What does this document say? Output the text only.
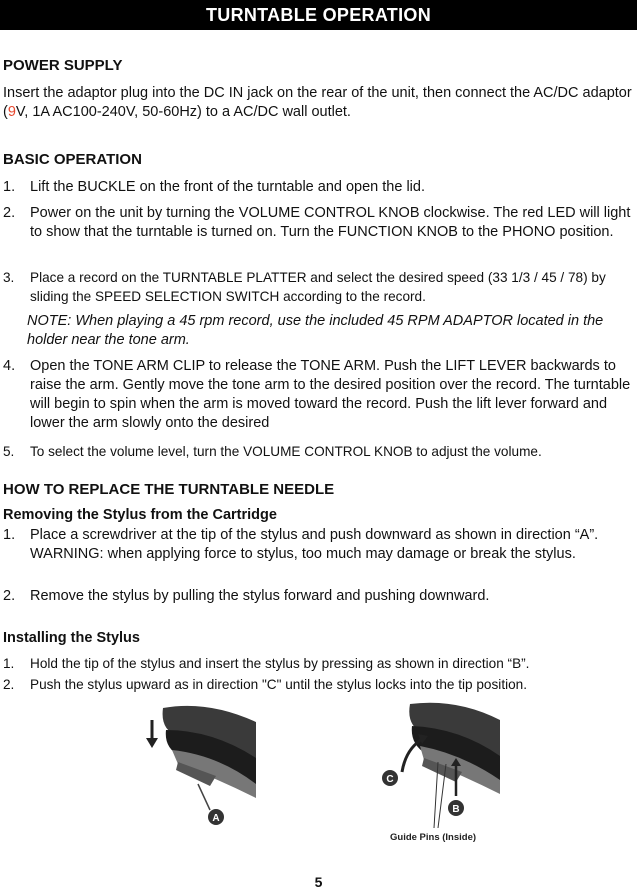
TURNTABLE OPERATION
POWER SUPPLY

Insert the adaptor plug into the DC IN jack on the rear of the unit, then connect the AC/DC adaptor (9V, 1A AC100-240V, 50-60Hz) to a AC/DC wall outlet.

BASIC OPERATION
1. Lift the BUCKLE on the front of the turntable and open the lid.
2. Power on the unit by turning the VOLUME CONTROL KNOB clockwise. The red LED will light to show that the turntable is turned on. Turn the FUNCTION KNOB to the PHONO position.
3. Place a record on the TURNTABLE PLATTER and select the desired speed (33 1/3 / 45 / 78) by sliding the SPEED SELECTION SWITCH according to the record.
NOTE: When playing a 45 rpm record, use the included 45 RPM ADAPTOR located in the holder near the tone arm.
4. Open the TONE ARM CLIP to release the TONE ARM. Push the LIFT LEVER backwards to raise the arm. Gently move the tone arm to the desired position over the record. The turntable will begin to spin when the arm is moved toward the record. Push the lift lever forward and lower the arm slowly onto the desired
5. To select the volume level, turn the VOLUME CONTROL KNOB to adjust the volume.
HOW TO REPLACE THE TURNTABLE NEEDLE
Removing the Stylus from the Cartridge
1. Place a screwdriver at the tip of the stylus and push downward as shown in direction “A”. WARNING: when applying force to stylus, too much may damage or break the stylus.
2. Remove the stylus by pulling the stylus forward and pushing downward.
Installing the Stylus
1. Hold the tip of the stylus and insert the stylus by pressing as shown in direction “B”.
2. Push the stylus upward as in direction "C" until the stylus locks into the tip position.
A
C
B
Guide Pins (Inside)
5
